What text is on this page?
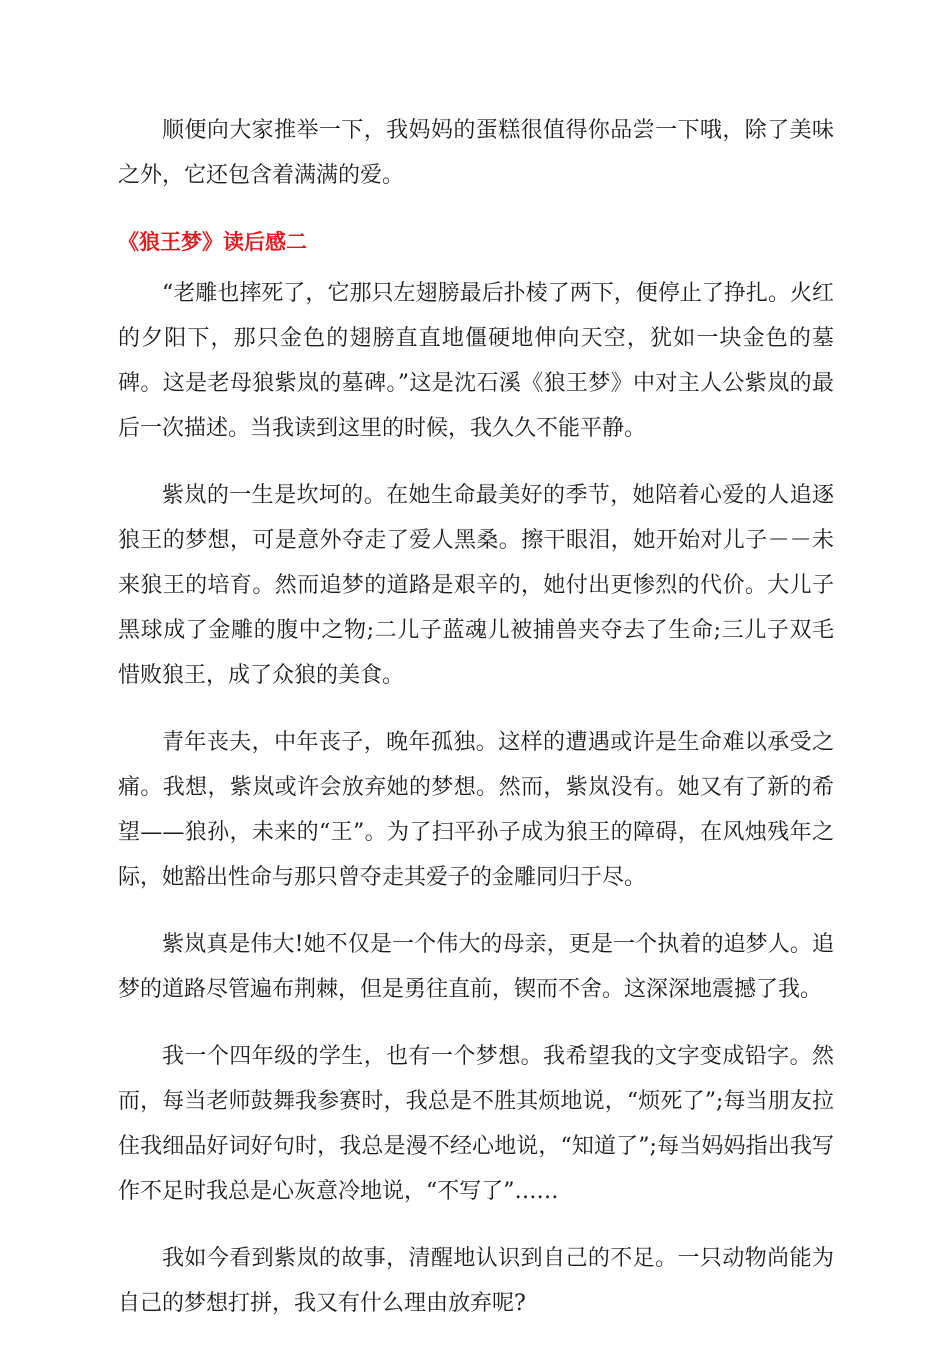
顺便向大家推举一下，我妈妈的蛋糕很值得你品尝一下哦，除了美味之外，它还包含着满满的爱。

《狼王梦》读后感二

“老雕也摔死了，它那只左翅膀最后扑棱了两下，便停止了挣扎。火红的夕阳下，那只金色的翅膀直直地僵硬地伸向天空，犹如一块金色的墓碑。这是老母狼紫岚的墓碑。”这是沈石溪《狼王梦》中对主人公紫岚的最后一次描述。当我读到这里的时候，我久久不能平静。

紫岚的一生是坎坷的。在她生命最美好的季节，她陪着心爱的人追逐狼王的梦想，可是意外夺走了爱人黑桑。擦干眼泪，她开始对儿子－－未来狼王的培育。然而追梦的道路是艰辛的，她付出更惨烈的代价。大儿子黑球成了金雕的腹中之物;二儿子蓝魂儿被捕兽夹夺去了生命;三儿子双毛惜败狼王，成了众狼的美食。

青年丧夫，中年丧子，晚年孤独。这样的遭遇或许是生命难以承受之痛。我想，紫岚或许会放弃她的梦想。然而，紫岚没有。她又有了新的希望——狼孙，未来的“王”。为了扫平孙子成为狼王的障碍，在风烛残年之际，她豁出性命与那只曾夺走其爱子的金雕同归于尽。

紫岚真是伟大!她不仅是一个伟大的母亲，更是一个执着的追梦人。追梦的道路尽管遍布荆棘，但是勇往直前，锲而不舍。这深深地震撼了我。

我一个四年级的学生，也有一个梦想。我希望我的文字变成铅字。然而，每当老师鼓舞我参赛时，我总是不胜其烦地说，“烦死了”;每当朋友拉住我细品好词好句时，我总是漫不经心地说，“知道了”;每当妈妈指出我写作不足时我总是心灰意冷地说，“不写了”……

我如今看到紫岚的故事，清醒地认识到自己的不足。一只动物尚能为自己的梦想打拼，我又有什么理由放弃呢?
